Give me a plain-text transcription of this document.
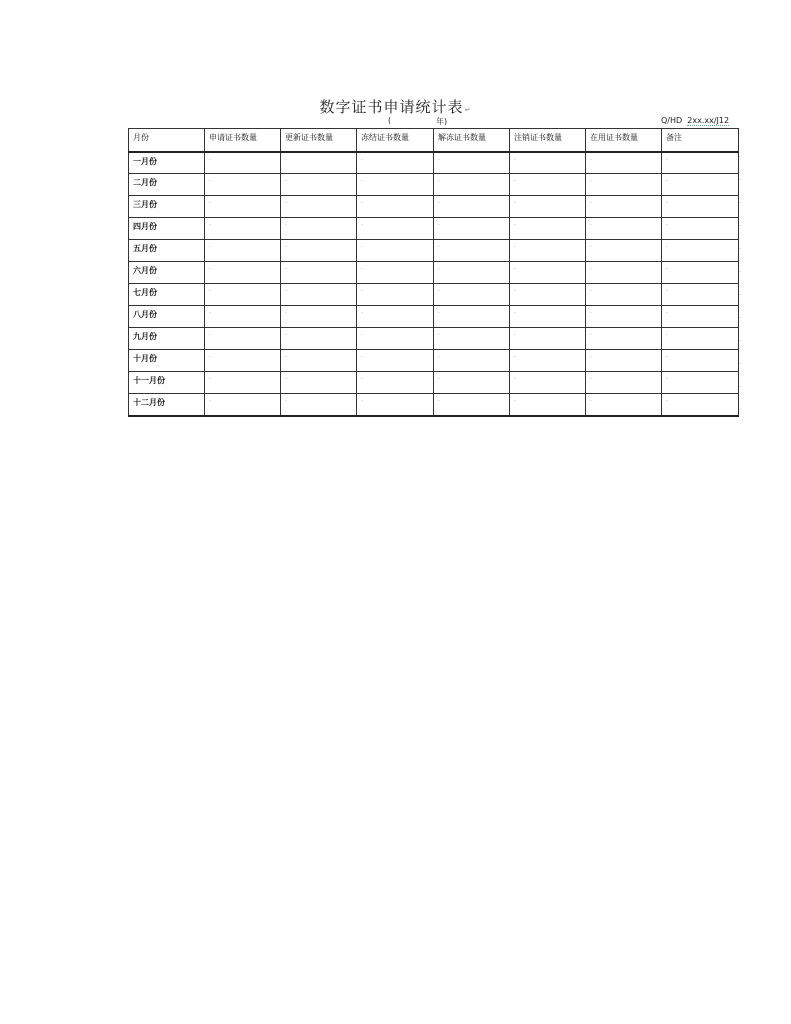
数字证书申请统计表↵
(	年)	Q/HD 2xx.xx/J12
月份	申请证书数量	更新证书数量	冻结证书数量	解冻证书数量	注销证书数量	在用证书数量	备注
一月份	·	·	·	·	·	·	·
二月份	·	·	·	·	·	·	·
三月份	·	·	·	·	·	·	·
四月份	·	·	·	·	·	·	·
五月份	·	·	·	·	·	·	·
六月份	·	·	·	·	·	·	·
七月份	·	·	·	·	·	·	·
八月份	·	·	·	·	·	·	·
九月份	·	·	·	·	·	·	·
十月份	·	·	·	·	·	·	·
十一月份	·	·	·	·	·	·	·
十二月份	·	·	·	·	·	·	·
·
·
·
·
·
·
·
·
·
·
·
·
·
